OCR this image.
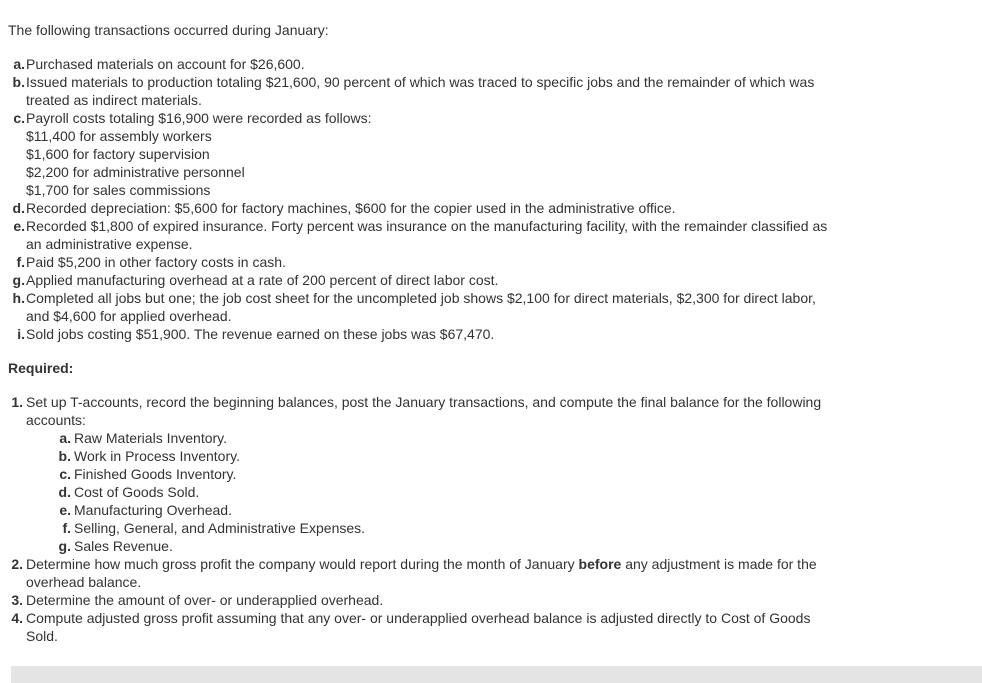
The following transactions occurred during January:

a. Purchased materials on account for $26,600.
b. Issued materials to production totaling $21,600, 90 percent of which was traced to specific jobs and the remainder of which was
treated as indirect materials.
c. Payroll costs totaling $16,900 were recorded as follows:
$11,400 for assembly workers
$1,600 for factory supervision
$2,200 for administrative personnel
$1,700 for sales commissions
d. Recorded depreciation: $5,600 for factory machines, $600 for the copier used in the administrative office.
e. Recorded $1,800 of expired insurance. Forty percent was insurance on the manufacturing facility, with the remainder classified as
an administrative expense.
f. Paid $5,200 in other factory costs in cash.
g. Applied manufacturing overhead at a rate of 200 percent of direct labor cost.
h. Completed all jobs but one; the job cost sheet for the uncompleted job shows $2,100 for direct materials, $2,300 for direct labor,
and $4,600 for applied overhead.
i. Sold jobs costing $51,900. The revenue earned on these jobs was $67,470.
Required:
1. Set up T-accounts, record the beginning balances, post the January transactions, and compute the final balance for the following
accounts:
a. Raw Materials Inventory.
b. Work in Process Inventory.
c. Finished Goods Inventory.
d. Cost of Goods Sold.
e. Manufacturing Overhead.
f. Selling, General, and Administrative Expenses.
g. Sales Revenue.
2. Determine how much gross profit the company would report during the month of January before any adjustment is made for the
overhead balance.
3. Determine the amount of over- or underapplied overhead.
4. Compute adjusted gross profit assuming that any over- or underapplied overhead balance is adjusted directly to Cost of Goods
Sold.
